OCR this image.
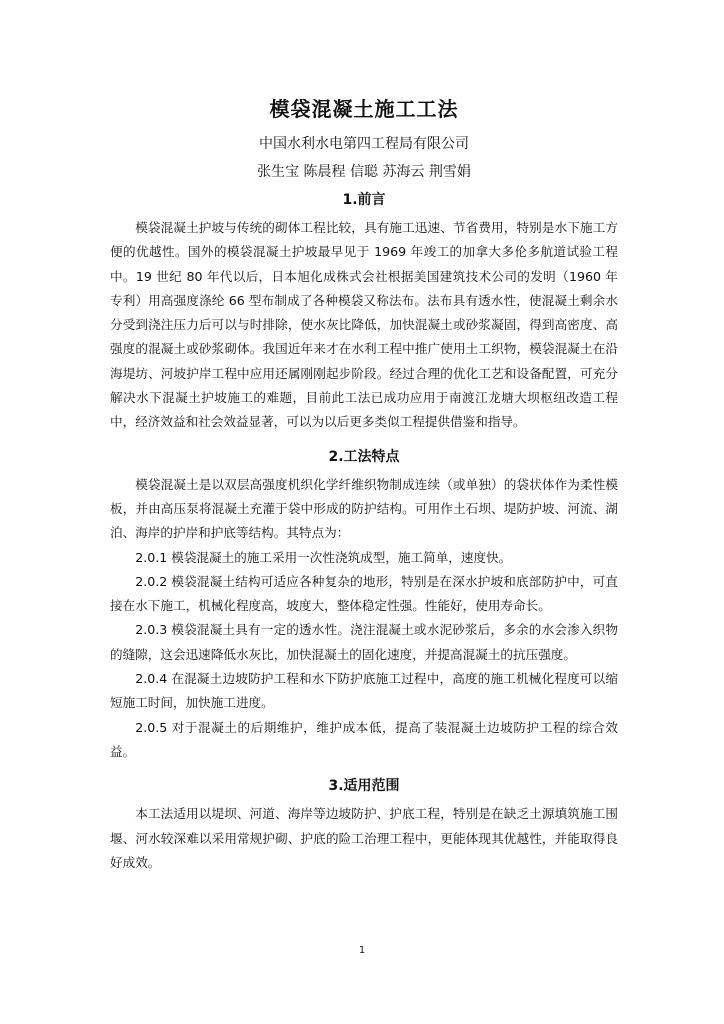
模袋混凝土施工工法
中国水利水电第四工程局有限公司
张生宝 陈晨程 信聪 苏海云 荆雪娟
1.前言

模袋混凝土护坡与传统的砌体工程比较，具有施工迅速、节省费用，特别是水下施工方便的优越性。国外的模袋混凝土护坡最早见于 1969 年竣工的加拿大多伦多航道试验工程中。19 世纪 80 年代以后，日本旭化成株式会社根据美国建筑技术公司的发明（1960 年专利）用高强度涤纶 66 型布制成了各种模袋又称法布。法布具有透水性，使混凝土剩余水分受到浇注压力后可以与时排除，使水灰比降低，加快混凝土或砂浆凝固，得到高密度、高强度的混凝土或砂浆砌体。我国近年来才在水利工程中推广使用土工织物，模袋混凝土在沿海堤坊、河坡护岸工程中应用还属刚刚起步阶段。经过合理的优化工艺和设备配置，可充分解决水下混凝土护坡施工的难题，目前此工法已成功应用于南渡江龙塘大坝枢纽改造工程中，经济效益和社会效益显著，可以为以后更多类似工程提供借鉴和指导。

2.工法特点

模袋混凝土是以双层高强度机织化学纤维织物制成连续（或单独）的袋状体作为柔性模板，并由高压泵将混凝土充灌于袋中形成的防护结构。可用作土石坝、堤防护坡、河流、湖泊、海岸的护岸和护底等结构。其特点为：

2.0.1 模袋混凝土的施工采用一次性浇筑成型，施工简单，速度快。

2.0.2 模袋混凝土结构可适应各种复杂的地形，特别是在深水护坡和底部防护中，可直接在水下施工，机械化程度高，坡度大，整体稳定性强。性能好，使用寿命长。

2.0.3 模袋混凝土具有一定的透水性。浇注混凝土或水泥砂浆后，多余的水会渗入织物的缝隙，这会迅速降低水灰比，加快混凝土的固化速度，并提高混凝土的抗压强度。

2.0.4 在混凝土边坡防护工程和水下防护底施工过程中，高度的施工机械化程度可以缩短施工时间，加快施工进度。

2.0.5 对于混凝土的后期维护，维护成本低，提高了装混凝土边坡防护工程的综合效益。

3.适用范围

本工法适用以堤坝、河道、海岸等边坡防护、护底工程，特别是在缺乏土源填筑施工围堰、河水较深难以采用常规护砌、护底的险工治理工程中，更能体现其优越性，并能取得良好成效。

1
